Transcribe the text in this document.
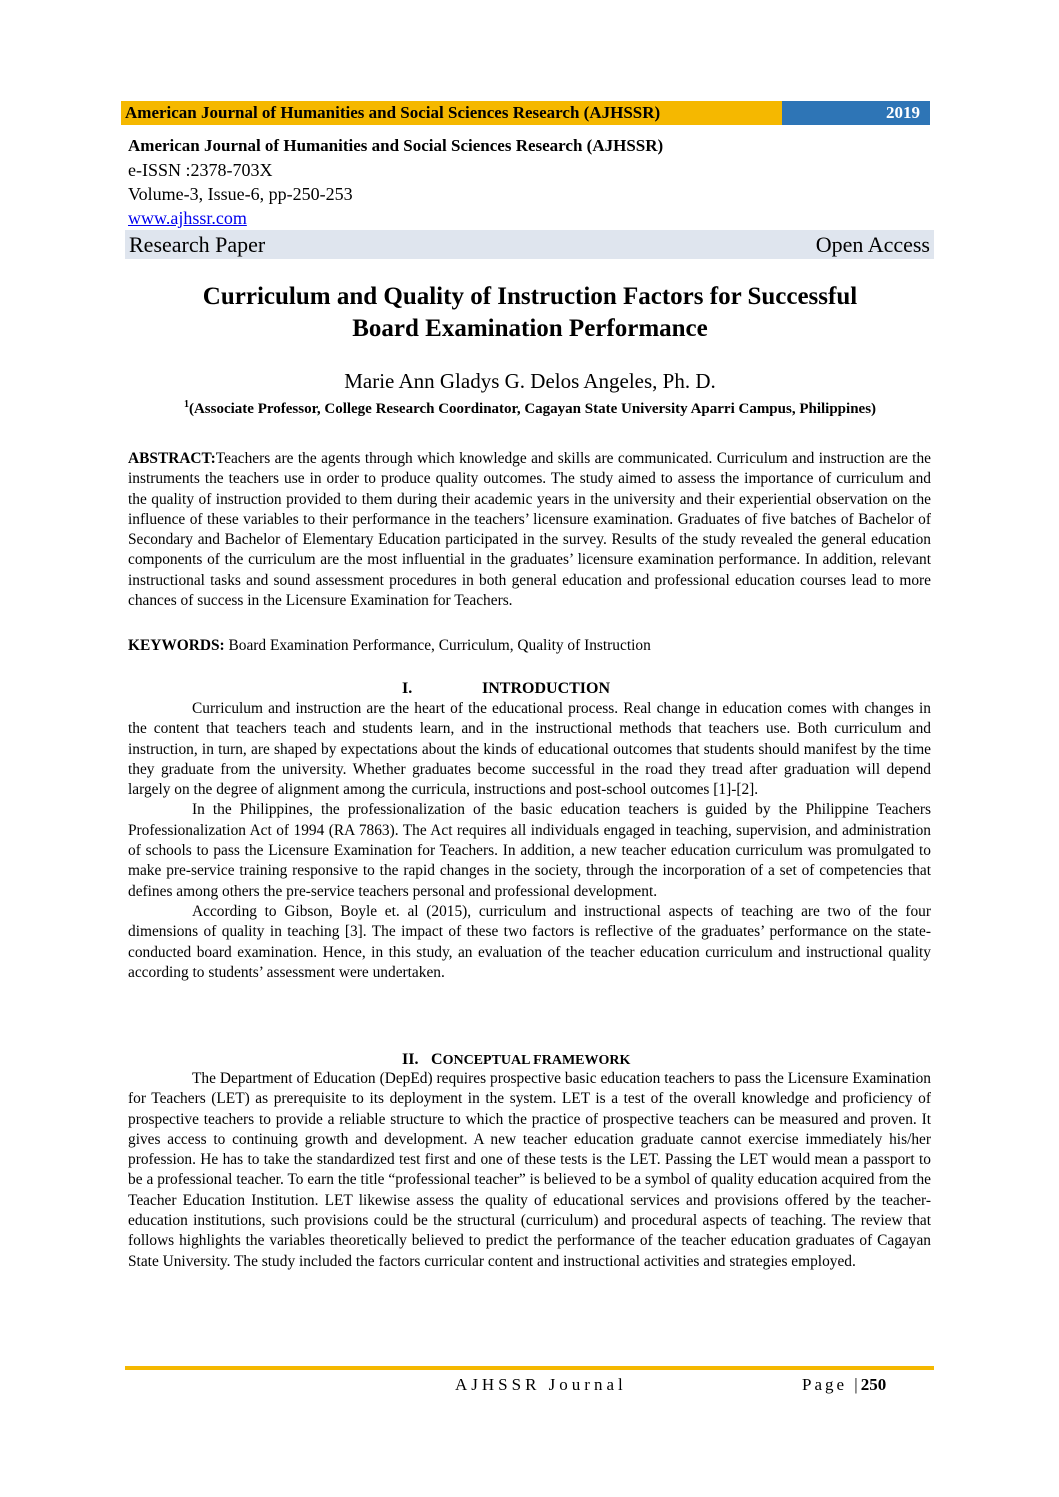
American Journal of Humanities and Social Sciences Research (AJHSSR)	2019
American Journal of Humanities and Social Sciences Research (AJHSSR)
e-ISSN :2378-703X
Volume-3, Issue-6, pp-250-253
www.ajhssr.com
Research Paper	Open Access
Curriculum and Quality of Instruction Factors for Successful
Board Examination Performance
Marie Ann Gladys G. Delos Angeles, Ph. D.
$^1$(Associate Professor, College Research Coordinator, Cagayan State University Aparri Campus, Philippines)
ABSTRACT:Teachers are the agents through which knowledge and skills are communicated. Curriculum and instruction are the instruments the teachers use in order to produce quality outcomes. The study aimed to assess the importance of curriculum and the quality of instruction provided to them during their academic years in the university and their experiential observation on the influence of these variables to their performance in the teachers’ licensure examination. Graduates of five batches of Bachelor of Secondary and Bachelor of Elementary Education participated in the survey. Results of the study revealed the general education components of the curriculum are the most influential in the graduates’ licensure examination performance. In addition, relevant instructional tasks and sound assessment procedures in both general education and professional education courses lead to more chances of success in the Licensure Examination for Teachers.
KEYWORDS: Board Examination Performance, Curriculum, Quality of Instruction
I.	INTRODUCTION

Curriculum and instruction are the heart of the educational process. Real change in education comes with changes in the content that teachers teach and students learn, and in the instructional methods that teachers use. Both curriculum and instruction, in turn, are shaped by expectations about the kinds of educational outcomes that students should manifest by the time they graduate from the university. Whether graduates become successful in the road they tread after graduation will depend largely on the degree of alignment among the curricula, instructions and post-school outcomes [1]-[2].

In the Philippines, the professionalization of the basic education teachers is guided by the Philippine Teachers Professionalization Act of 1994 (RA 7863). The Act requires all individuals engaged in teaching, supervision, and administration of schools to pass the Licensure Examination for Teachers. In addition, a new teacher education curriculum was promulgated to make pre-service training responsive to the rapid changes in the society, through the incorporation of a set of competencies that defines among others the pre-service teachers personal and professional development.

According to Gibson, Boyle et. al (2015), curriculum and instructional aspects of teaching are two of the four dimensions of quality in teaching [3]. The impact of these two factors is reflective of the graduates’ performance on the state-conducted board examination. Hence, in this study, an evaluation of the teacher education curriculum and instructional quality according to students’ assessment were undertaken.

II. CONCEPTUAL FRAMEWORK

The Department of Education (DepEd) requires prospective basic education teachers to pass the Licensure Examination for Teachers (LET) as prerequisite to its deployment in the system. LET is a test of the overall knowledge and proficiency of prospective teachers to provide a reliable structure to which the practice of prospective teachers can be measured and proven. It gives access to continuing growth and development. A new teacher education graduate cannot exercise immediately his/her profession. He has to take the standardized test first and one of these tests is the LET. Passing the LET would mean a passport to be a professional teacher. To earn the title “professional teacher” is believed to be a symbol of quality education acquired from the Teacher Education Institution. LET likewise assess the quality of educational services and provisions offered by the teacher-education institutions, such provisions could be the structural (curriculum) and procedural aspects of teaching. The review that follows highlights the variables theoretically believed to predict the performance of the teacher education graduates of Cagayan State University. The study included the factors curricular content and instructional activities and strategies employed.

AJHSSR Journal	Page |250
